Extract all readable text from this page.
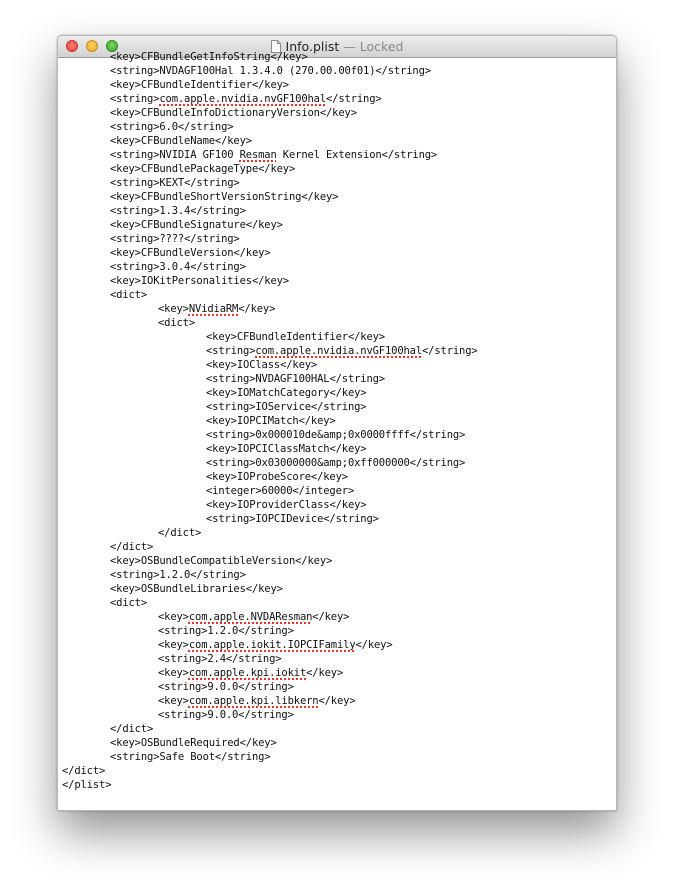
Info.plist — Locked
<key>CFBundleGetInfoString</key>
<string>NVDAGF100Hal 1.3.4.0 (270.00.00f01)</string>
<key>CFBundleIdentifier</key>
<string>com.apple.nvidia.nvGF100hal</string>
<key>CFBundleInfoDictionaryVersion</key>
<string>6.0</string>
<key>CFBundleName</key>
<string>NVIDIA GF100 Resman Kernel Extension</string>
<key>CFBundlePackageType</key>
<string>KEXT</string>
<key>CFBundleShortVersionString</key>
<string>1.3.4</string>
<key>CFBundleSignature</key>
<string>????</string>
<key>CFBundleVersion</key>
<string>3.0.4</string>
<key>IOKitPersonalities</key>
<dict>
<key>NVidiaRM</key>
<dict>
<key>CFBundleIdentifier</key>
<string>com.apple.nvidia.nvGF100hal</string>
<key>IOClass</key>
<string>NVDAGF100HAL</string>
<key>IOMatchCategory</key>
<string>IOService</string>
<key>IOPCIMatch</key>
<string>0x000010de&amp;0x0000ffff</string>
<key>IOPCIClassMatch</key>
<string>0x03000000&amp;0xff000000</string>
<key>IOProbeScore</key>
<integer>60000</integer>
<key>IOProviderClass</key>
<string>IOPCIDevice</string>
</dict>
</dict>
<key>OSBundleCompatibleVersion</key>
<string>1.2.0</string>
<key>OSBundleLibraries</key>
<dict>
<key>com.apple.NVDAResman</key>
<string>1.2.0</string>
<key>com.apple.iokit.IOPCIFamily</key>
<string>2.4</string>
<key>com.apple.kpi.iokit</key>
<string>9.0.0</string>
<key>com.apple.kpi.libkern</key>
<string>9.0.0</string>
</dict>
<key>OSBundleRequired</key>
<string>Safe Boot</string>
</dict>
</plist>
